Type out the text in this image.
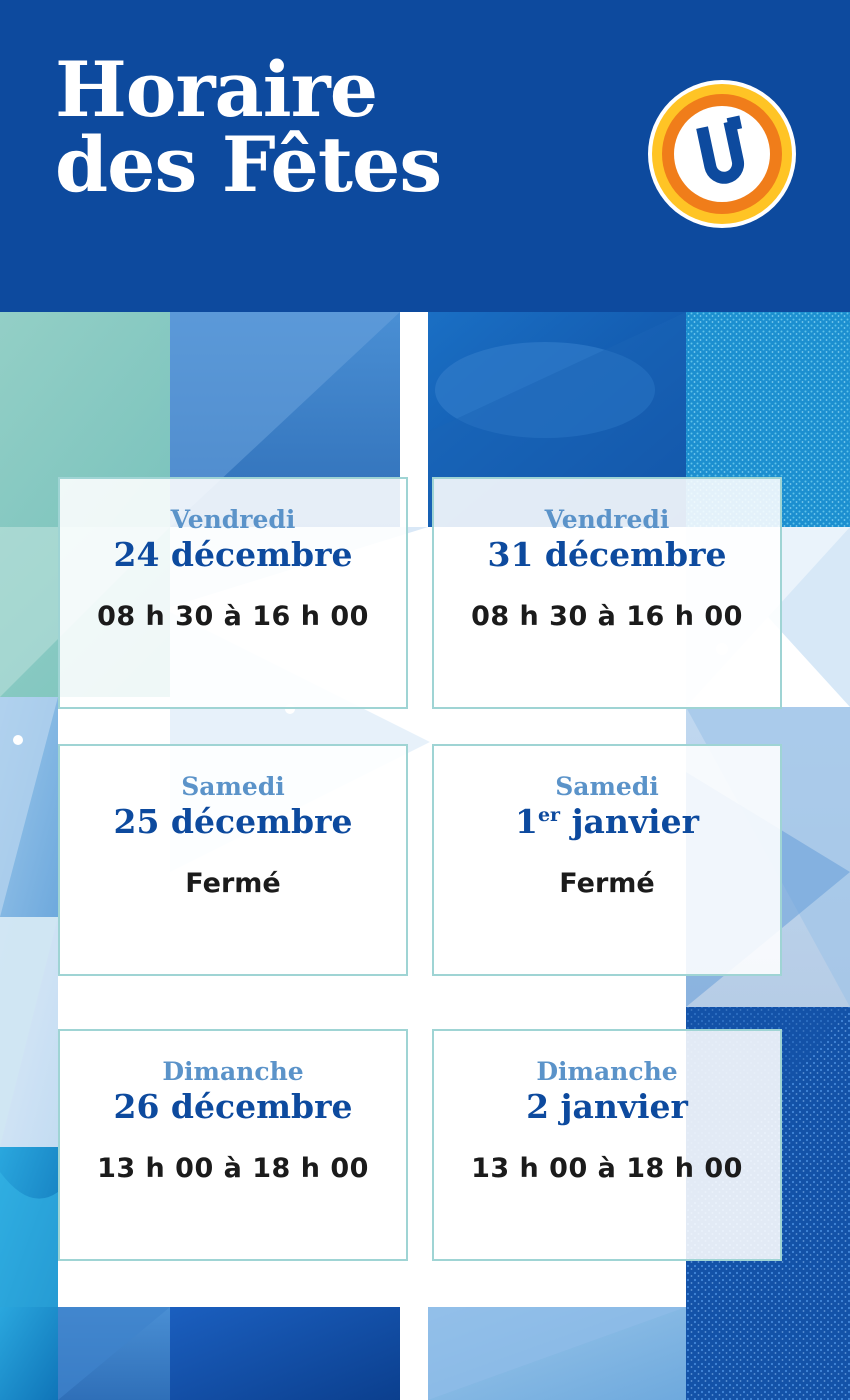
Horaire
des Fêtes
Vendredi
24 décembre
08 h 30 à 16 h 00
Vendredi
31 décembre
08 h 30 à 16 h 00
Samedi
25 décembre
Fermé
Samedi
1er janvier
Fermé
Dimanche
26 décembre
13 h 00 à 18 h 00
Dimanche
2 janvier
13 h 00 à 18 h 00
